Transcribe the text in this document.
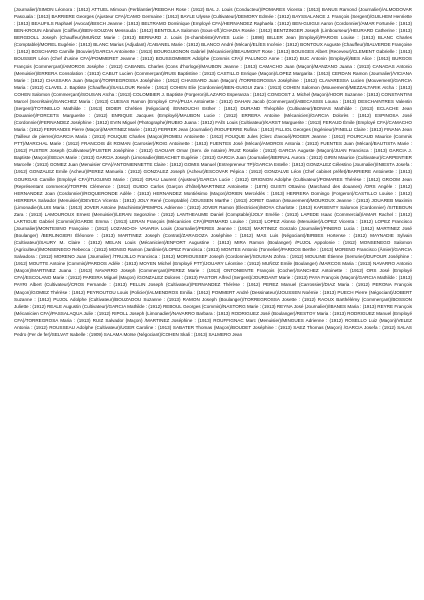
(Journalier)/SIMON Léonora : (1912) ATTUEL Mimoun (Ferblantier)/REBOAH Rose : (1912) BAL J. Louis (Conducteur)/POMARES Vicenta : (1913) BANUS Ramond (Journalier)/ALMODOVAR Pascuala : (1913) BARRIERE Georges (Ajusteur CFA)/CAMO Germaine : (1912) BAYLE Ulysse (Cultivateur)/DEMORY Edmée : (1912) BAYSSALANCE J. François (Sergent)/GUILHEM Henriette : (1913) BEAUFILS Raphaël (Avocat)/BISCH Jeanne : (1913) BELTRAMO Dominique (Employé CFA)/HERNANDEZ Raphaëla : (1912) BEN-GUIGUI Aaron (Cordonnier)/AMAR Fortunée : (1913) BEN-KROUN Abraham (Coiffeur)/BEN-SOUZAN Messouda : (1912) BENTOLILA Salomon (Sous-off.)/CHADIA Rosée : (1912) BENTZINGER Joseph (Limbourseur)/HEURARD Catherine : (1913) BERGDOLL Joseph (Chauffeur)/MUÑOZ Marie : (1913) BERNARD J. Louis (S-chambriste)/VIVES Lucie : (1898) BILLER Jean (Employé)/PAROIS Louise : (1913) BLANC Charles (Comptable)/MOREL Eugénie : (1913) BLANC Marius (Adjudant) /CABANEL Marie : (1912) BLANCO André (Mécan)/ELÍES Incénie : (1912) BONTOUX Auguste (Chauffeur)/BALVERDE Françoise : (1912) BOSCHARD Camille (Bouvier)/GARCIA Antoinette : (1913) BOURGUIGNON Gabriel (Mécanicien)/BEAUMONT Rose : (1913) BOUSGES Albert (Receveur)/CLEMENT Gabrielle : (1913) BOUSSER Léon (Chef d'usine CFA)/POMMERET Jeanne : (1913) BOUSSOMMIER Adolphe (Commis CFA)/ PALUNCO Anne : (1912) BUC Antonin (Employé)/BES Alice : (1913) BURGOS François (Commerçant)/AMOROS Joséphe : (1912) CABANEL Charles (Cons d'horloge)/MAUBON Jeanne : (1913) CAMACHO Juan (Maçon)/MANZANO Juana : (1913) CANADAS Antonio (Menuisier)/ERRERA Consolation : (1913) CABUT Lucien (Commerçant)/RUIS Baptistine : (1913) CASTILLO Enrique (Maçon)/LOPEZ Margarita : (1913) CERDAN Ramon (Journalier)/VICIANA Marie : (1912) CHASSARA Juan (Maçon)/TORREGROSSA Joséphine : (1912) CHASSARD Juan (Maçon) /TORREGROSSA Joséphine : (1912) CLAVARESSA Lucien (Mouvement)/GARCIA Maria : (1912) CLAVEL J. Baptiste (Chauffeur)/SAILLOUR Renée : (1912) COHEN Elie (Cordonnier)/BEN-GUIGUI Zara : (1913) COHEN Salomon (Mouvement)/MEZZALTARIK Aïcha : (1913) COHEN Salomon (Commerçant)/SOUSAN Aïcha : (1913) COLOMBIER J. Baptiste (Forgeron)/LAZARO Esperanza : (1912) CONGOST J. Michel (Maçon)/HOOR Suzanne : (1913) CONSTANTINI Marcel (Secrétaire)/SANCHEZ Maria : (1913) CUESAS Ramon (Employé CFA)/PUJA Antoinette : (1912) DAHAN Jacob (Commerçant)/ABECASSIS Louna : (1913) DESCHAINTRES Valentin (Sergent)/TOTINELLO Mathilde : (1913) DIDIER Chrétien (Négociant) /ENNOUCHI Esther : (1912) DURAND Théophile (Cultivateur)/BONIAS Mathilde : (1913) ECLACHE Jean (Douanier)/FORCETS Marguerite : (1912) ENRIQUE Jacques (Employé)/MAUBON Lucie : (1912) ERRERA Antoine (Mécanicien)/GARCIA Dolorès : (1912) ESPINOSA José (Cordonnier)/FERNANDEZ Joséphine : (1912) EVIN Miguel (Photographe)/RUBIO Juana : (1912) FAÏS Louis (Cultivateur)/KARST Marguerite : (1913) FERAUD Émile (Employé CFA)/CAMACHO Maria : (1912) FERRANDIS Pierre (Maçon)/MARTINEZ Marie : (1912) FERRER Jean (Journalier) /RIOUFERRE Rufina : (1913) FILLIOL Georges (Ingénieur)/FINELLI Claire : (1913) FINANA Jean (Tailleur de pierres)/GARCIA Maria : (1913) FOUQUE Charles (Maçon)/ROMEU Antoinette : (1912) FOUQUE Jules (Clerc d'avoué)/ROGER Jeanne : (1912) FOURCAUD Maurice (Commis PTT)/MARCHAL Marie : (1912) FRANCOIS dit ROMAN (Carrosier)/ROIG Antoinette : (1913) FUENTES José (Mécan)/AMOROS Antonia : (1913) FUENTES Juan (Mécan)/BAUTISTA Marie : (1912) FUSTER Joseph (Cultivateur)/FUSTER Joséphine : (1912) GAOUAR Omar (Serv. de notaire) /RUIZ Rosalie : (1913) GARCIA Auguste (Maçon)/JUAN Francisca : (1913) GARCIA J. Baptiste (Maçon)/SELVA Marie : (1913) GARCIA Joseph (Limonadier)/BEACHET Eugénie : (1913) GARCIA Juan (Journalier)/BERNAL Aurora : (1912) GIRIN Maurice (Cultivateur)/CARPENTIER Marcelle : (1913) GOMEZ Juan (Menuisier CFA)/ANTONIENNETTE Claire : (1912) GOMIS Manuel (Entrepreneur TP)/GARCIA Estelle : (1913) GONZALEZ Célestino (Journalier)/INIESTA Josefa : (1912) GONZALEZ Emile (Acheur)/PEREZ Manuela : (1912) GONZALEZ Joseph (Acheur)/ESCOVAR Pépica : (1912) GONZALVE Léon (Chef cabinet préfet)/BARRIERE Antoinette : (1913) GOURGAS Camille (Employé CFA)/TUGUINO Marie : (1912) GRAU Laurent (Ajusteur)/GARCIA Lucie : (1912) GRIGNON Adolphe (Cultivateur)/POMARES Thérèse : (1912) GROOM Jean (Représentant commerce)/TORPIN Clémence : (1912) GUIDO Carlos (Garçon d'hôtel)/MARTINEZ Antoinette : (1879) GUISTI Ottavino (Marchand des douanes) /ORS Angèle : (1912) HERNANDEZ Joan (Cordonnier)/ROQUERONDE Adèle : (1913) HERNANDEZ Montiésimo (Maçon)/ORIEN Mercédès : (1913) HERRERA Domingo (Forgeron)/CASTILLO Louise : (1912) HERRERA Salvador (Menuisier)/DEVECA Vicenta : (1913) JOLY René (Comptable) /JOUSSEN Marthe : (1913) JORET Gaston (Mouvement)/MOUROUX Jeanne : (1913) JOUAREB Maximin (Limonadier)/LUIS Maria : (1913) JOVER Antoine (Machiniste)/PEMPOL Adrienne : (1912) JOVER Ramon (Électricien)/MOYA Charlotte : (1913) KARSENTY Salomon (Cordonnier) /SITEBOUN Zara : (1913) LAMOUROUX Ernest (Menuisier)/LERAN Segonzine : (1912) LANTHEAUME Daniel (Comptable)/JOLY Emélie : (1913) LAPEDE Isaac (Commercial)/AMAR Rachel : (1912) LARTIGUE Gabriel (Commis)/GARDE Emma : (1913) LERAN François (Mécanicien CFA)/PERMARD Louise : (1913) LOPEZ Alonso (Menuisier)/LOPEZ Vicenta : (1912) LOPEZ Francisco (Journalier)/MONTESINO Françoise : (1912) LOZANO-DI- VAVARIA Louis (Journalier)/PERES Jeanne : (1913) MARTINEZ Gonzalo (Journalier)/PINERO Lucia : (1912) MARTINEZ José (Boulanger) /BERLINGIERI Éléonore : (1913) MARTINEZ Joseph (Contrat)/ZARAGOZA Joséphine : (1912) MAS Luis (Négociant)/BIRBES Hortense : (1912) MAYNADIE Sylvain (Cultivateur)/SAURY M. Claire : (1912) MELAN Louis (Mécanicien)/ENFORT Augustine : (1913) MIRA Ramon (Boulanger) /PUJOL Appolonie : (1912) MONSENEGO Salomon (Agriculteur)/MONSENEGO Rebecca : (1912) MONSO Ramon (Jardinier)/LOPEZ Francisca : (1913) MONTES Antonio (Tonnelier)/PARDOS Berthe : (1913) MORENO Francisco (Âmier)/GARCIA Salvadora : (1912) MORENO Juan (Journalier) /TRUJILLO Francisca : (1912) MORIOUSSEF Joseph (Cordonnier)/SOUSAN Zohra : (1912) MOULINE Étienne (Serrurier)/DUFOUR Joséphine : (1912) MOUTTE Antoine (Commis)/PARDOS Adèle : (1913) MOYEN Michel (Employé PTT)/JOUARY Léontine : (1912) MUÑOZ Emile (Boulanger) /MARCOS Maria : (1913) NAVARRO Antonio (Maçon)/MARTINEZ Juana : (1913) NAVARRO Joseph (Commerçant)/PEREZ Marie : (1913) ONTONIENTE François (Cocher)/SANCHEZ Antoinette : (1912) ORS José (Employé CFA)/ESCOLANO Marie : (1912) PAREIRA Miguel (Maçon) /GONZALEZ Dolores : (1913) PASTOR Alfred (Sergent)/JOURDANT Marie : (1913) PAYA François (Maçon)/GARCIA Mathilde : (1913) PAYRI Albert (Cultivateur)/CROS Fernande : (1913) PELLIN Joseph (Cultivateur)/FERNANDEZ Thérèse : (1912) PEREZ Manuel (Carrossier)/DIAZ Maria : (1912) PERONA François (Maçon)/GOMEZ Thérèse : (1912) PEYROUTOU Louis (Policier)/ALMENDROS Emilia : (1912) POMMERT André (Dessinateur)/JOUSSEN Noémie : (1913) PUECH Pierre (Négociant)/JOBERT Suzanne : (1912) PUJOL Adolphe (Cultivateur)/BOUZADOU Suzanne : (1913) RAMON Joseph (Boulanger)/TORREGROSSA Josette : (1912) RAOUX Barthélémy (Commerçant)/BOSSON Juliette : (1912) REALE Augustin (Cultivateur)/GARCIA Mathilde : (1912) REBOUL Georges (Commis)/NASTORG Marie : (1913) REYNA José (Journalier)/IBANES Maria : (1913) REYRE François (Mécanicien CFA)/PASSALAQUA Julie : (1912) RIPOLL Joseph (Limonadier)/NAVARRO Barbara : (1913) RODRIGUEZ José (Boulanger)/RESTOY Maria : (1913) RODRIGUEZ Manuel (Employé CFA)/TORREGROSA Maria : (1913) RUIZ Salvador (Maçon) /MARTINEZ Joséphine : (1913) ROUFFIGNAC Marc (Menuisier)/MINGUES Adrienne : (1912) ROSELLO Luiz (Maçon)/VELEZ Antonia : (1912) ROUSSEAU Adolphe (Cultivateur)/UGER Caroline : (1913) SABATER Thomas (Maçon)/BOUDET Joséphine : (1913) SAEZ Thomas (Maçon) /GARCIA Josefa : (1912) SALAS Pedro (Fer de fer)/SELVAT Isabelle : (1909) SALAMA Moïse (Négociant)/COHEN Skali : (1913) SALMERO Jean
